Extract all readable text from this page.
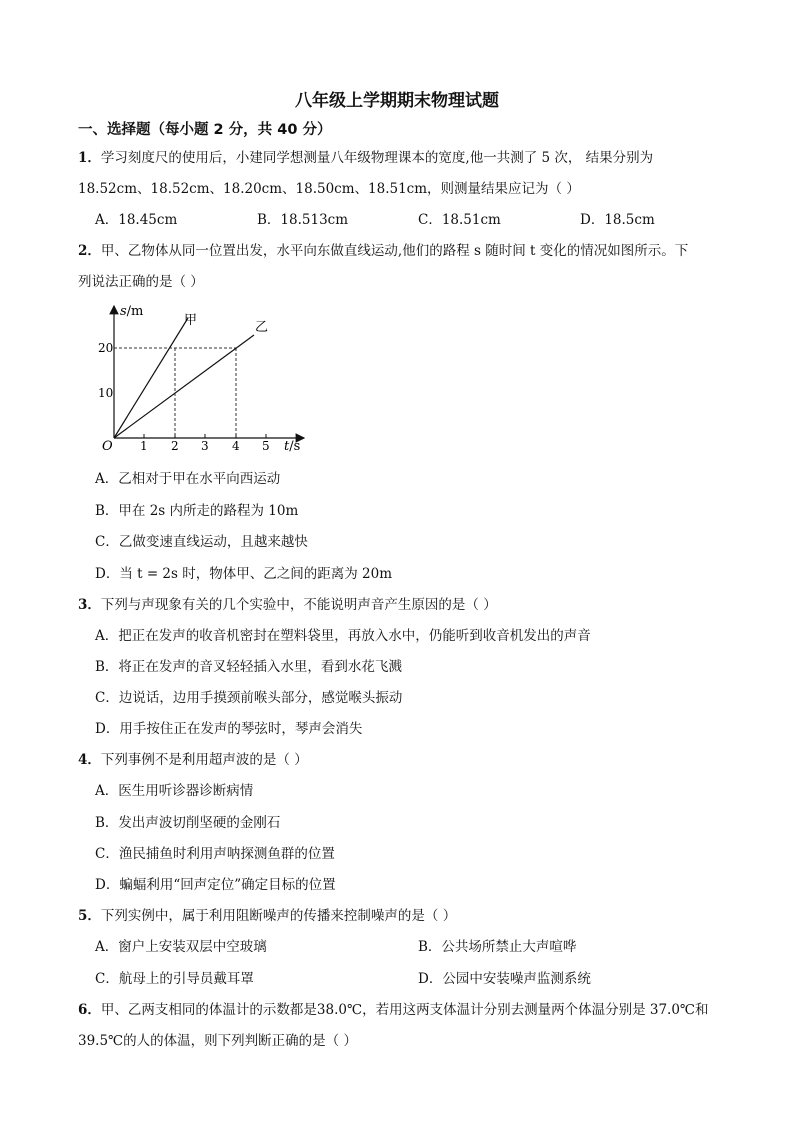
八年级上学期期末物理试题
一、选择题（每小题 2 分，共 40 分）
1．学习刻度尺的使用后，小建同学想测量八年级物理课本的宽度,他一共测了 5 次， 结果分别为
18.52cm、18.52cm、18.20cm、18.50cm、18.51cm，则测量结果应记为（ ）
A．18.45cm	B．18.513cm	C．18.51cm	D．18.5cm
2．甲、乙物体从同一位置出发，水平向东做直线运动,他们的路程 s 随时间 t 变化的情况如图所示。下
列说法正确的是（ ）
甲	乙
s/m
t/s
O
10
20
1 2 3 4 5
A．乙相对于甲在水平向西运动
B．甲在 2s 内所走的路程为 10m
C．乙做变速直线运动，且越来越快
D．当 t = 2s 时，物体甲、乙之间的距离为 20m
3．下列与声现象有关的几个实验中，不能说明声音产生原因的是（ ）
A．把正在发声的收音机密封在塑料袋里，再放入水中，仍能听到收音机发出的声音
B．将正在发声的音叉轻轻插入水里，看到水花飞溅
C．边说话，边用手摸颈前喉头部分，感觉喉头振动
D．用手按住正在发声的琴弦时，琴声会消失
4．下列事例不是利用超声波的是（ ）
A．医生用听诊器诊断病情
B．发出声波切削坚硬的金刚石
C．渔民捕鱼时利用声呐探测鱼群的位置
D．蝙蝠利用“回声定位”确定目标的位置
5．下列实例中，属于利用阻断噪声的传播来控制噪声的是（ ）
A．窗户上安装双层中空玻璃	B．公共场所禁止大声喧哗
C．航母上的引导员戴耳罩	D．公园中安装噪声监测系统
6．甲、乙两支相同的体温计的示数都是38.0℃，若用这两支体温计分别去测量两个体温分别是 37.0℃和
39.5℃的人的体温，则下列判断正确的是（ ）
